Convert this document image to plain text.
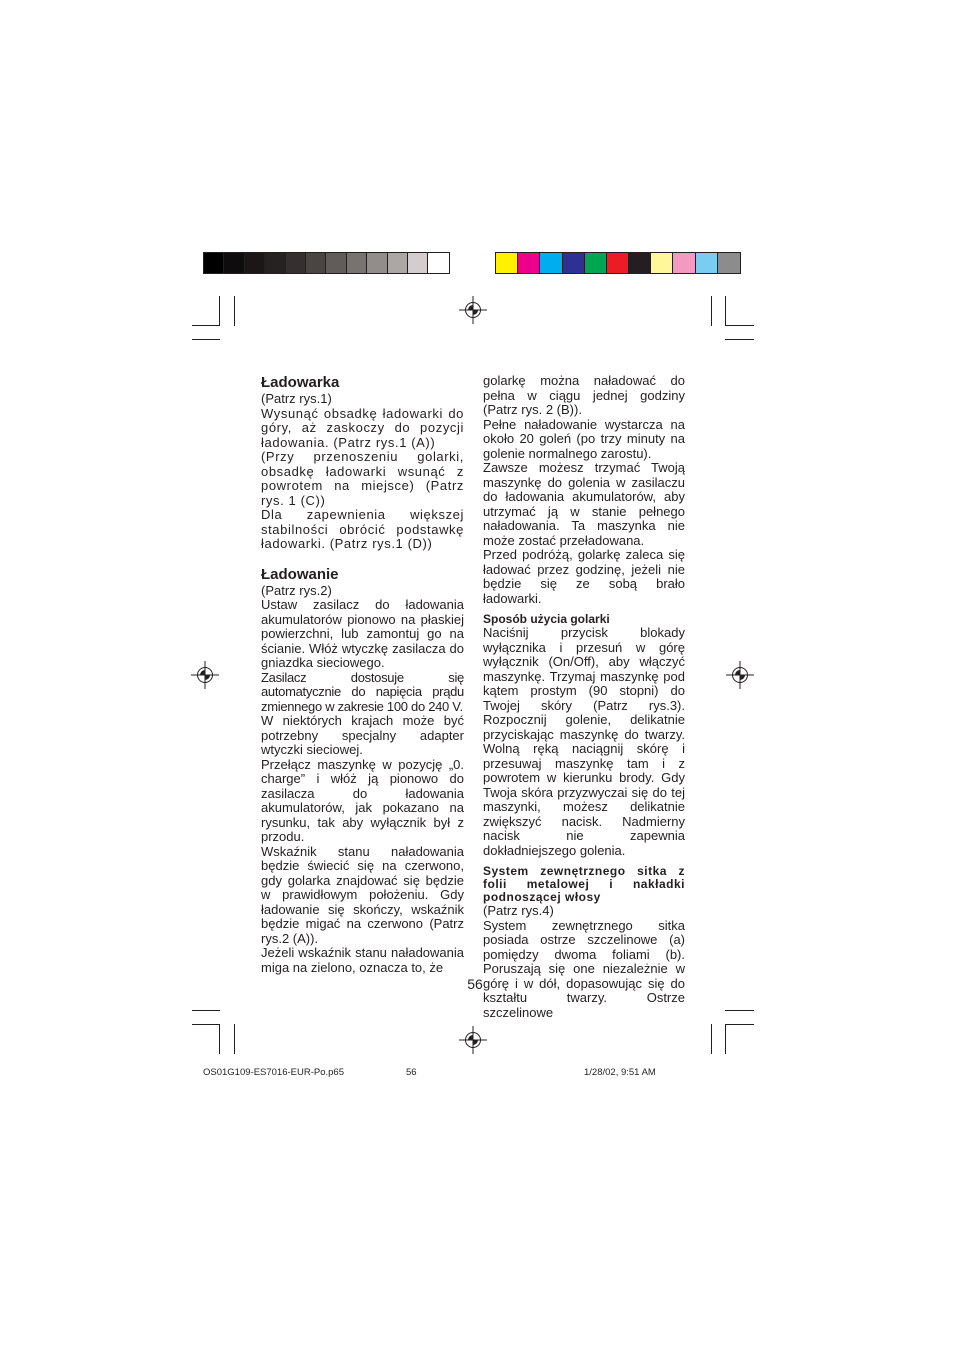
Ładowarka

(Patrz rys.1)

Wysunąć obsadkę ładowarki do góry, aż zaskoczy do pozycji ładowania. (Patrz rys.1 (A))

(Przy przenoszeniu golarki, obsadkę ładowarki wsunąć z powrotem na miejsce) (Patrz rys. 1 (C))

Dla zapewnienia większej stabilności obrócić podstawkę ładowarki. (Patrz rys.1 (D))

Ładowanie

(Patrz rys.2)

Ustaw zasilacz do ładowania akumulatorów pionowo na płaskiej powierzchni, lub zamontuj go na ścianie. Włóż wtyczkę zasilacza do gniazdka sieciowego.

Zasilacz dostosuje się automatycznie do napięcia prądu zmiennego w zakresie 100 do 240 V.

W niektórych krajach może być potrzebny specjalny adapter wtyczki sieciowej.

Przełącz maszynkę w pozycję „0. charge” i włóż ją pionowo do zasilacza do ładowania akumulatorów, jak pokazano na rysunku, tak aby wyłącznik był z przodu.

Wskaźnik stanu naładowania będzie świecić się na czerwono, gdy golarka znajdować się będzie w prawidłowym położeniu. Gdy ładowanie się skończy, wskaźnik będzie migać na czerwono (Patrz rys.2 (A)).

Jeżeli wskaźnik stanu naładowania miga na zielono, oznacza to, że

golarkę można naładować do pełna w ciągu jednej godziny (Patrz rys. 2 (B)).

Pełne naładowanie wystarcza na około 20 goleń (po trzy minuty na golenie normalnego zarostu).

Zawsze możesz trzymać Twoją maszynkę do golenia w zasilaczu do ładowania akumulatorów, aby utrzymać ją w stanie pełnego naładowania. Ta maszynka nie może zostać przeładowana.

Przed podróżą, golarkę zaleca się ładować przez godzinę, jeżeli nie będzie się ze sobą brało ładowarki.

Sposób użycia golarki

Naciśnij przycisk blokady wyłącznika i przesuń w górę wyłącznik (On/Off), aby włączyć maszynkę. Trzymaj maszynkę pod kątem prostym (90 stopni) do Twojej skóry (Patrz rys.3). Rozpocznij golenie, delikatnie przyciskając maszynkę do twarzy. Wolną ręką naciągnij skórę i przesuwaj maszynkę tam i z powrotem w kierunku brody. Gdy Twoja skóra przyzwyczai się do tej maszynki, możesz delikatnie zwiększyć nacisk. Nadmierny nacisk nie zapewnia dokładniejszego golenia.

System zewnętrznego sitka z folii metalowej i nakładki podnoszącej włosy

(Patrz rys.4)

System zewnętrznego sitka posiada ostrze szczelinowe (a) pomiędzy dwoma foliami (b). Poruszają się one niezależnie w górę i w dół, dopasowując się do kształtu twarzy. Ostrze szczelinowe

56
OS01G109-ES7016-EUR-Po.p65	56	1/28/02, 9:51 AM
